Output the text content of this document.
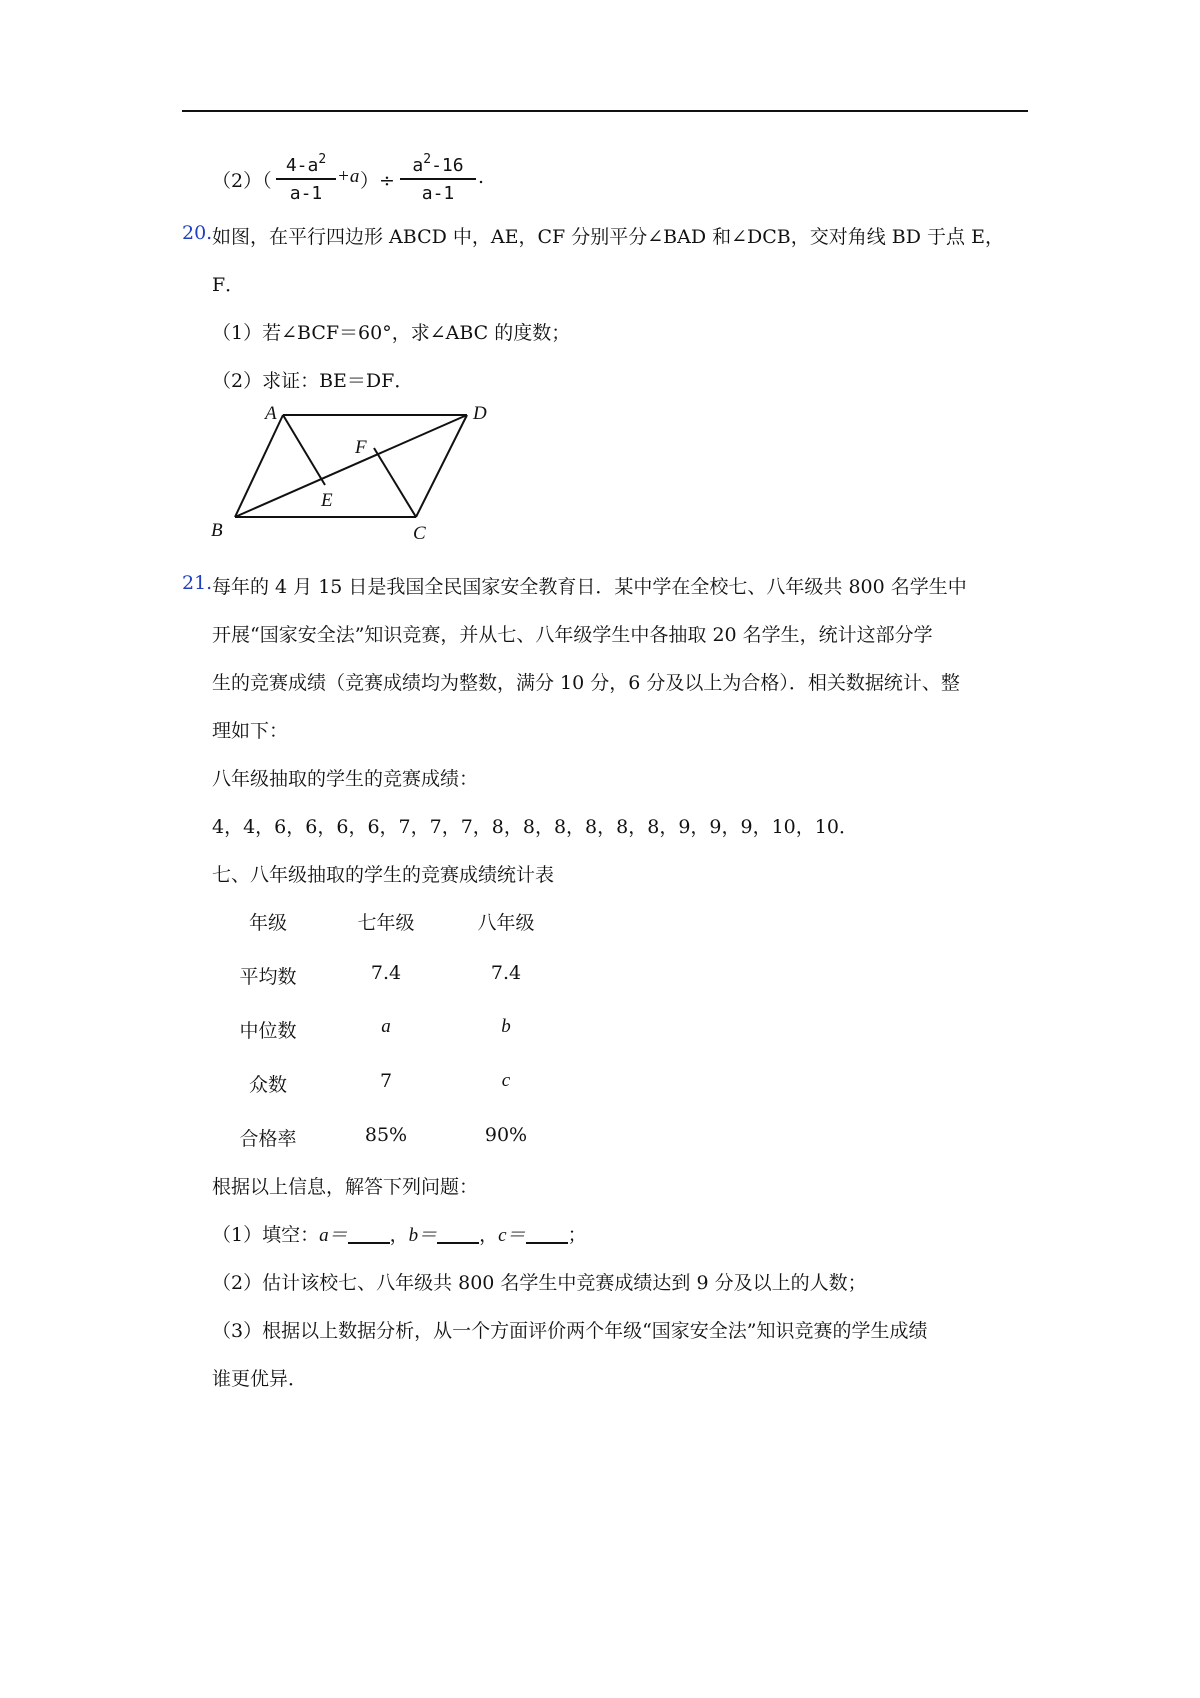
（2）（
$4-a^2$
a-1
+a ）÷
$a^2-16$
a-1
.
20. 如图，在平行四边形 ABCD 中，AE，CF 分别平分∠BAD 和∠DCB，交对角线 BD 于点 E，
F．
（1）若∠BCF＝60°，求∠ABC 的度数；
（2）求证：BE＝DF．
A	D
B	C
E
F
21. 每年的 4 月 15 日是我国全民国家安全教育日．某中学在全校七、八年级共 800 名学生中
开展“国家安全法”知识竞赛，并从七、八年级学生中各抽取 20 名学生，统计这部分学
生的竞赛成绩（竞赛成绩均为整数，满分 10 分，6 分及以上为合格）．相关数据统计、整
理如下：
八年级抽取的学生的竞赛成绩：
4，4，6，6，6，6，7，7，7，8，8，8，8，8，8，9，9，9，10，10．
七、八年级抽取的学生的竞赛成绩统计表
年级	七年级	八年级
平均数	7.4	7.4
中位数	a	b
众数	7	c
合格率	85%	90%
根据以上信息，解答下列问题：
（1）填空：a＝ ，b＝ ，c＝ ；
（2）估计该校七、八年级共 800 名学生中竞赛成绩达到 9 分及以上的人数；
（3）根据以上数据分析，从一个方面评价两个年级“国家安全法”知识竞赛的学生成绩
谁更优异．
